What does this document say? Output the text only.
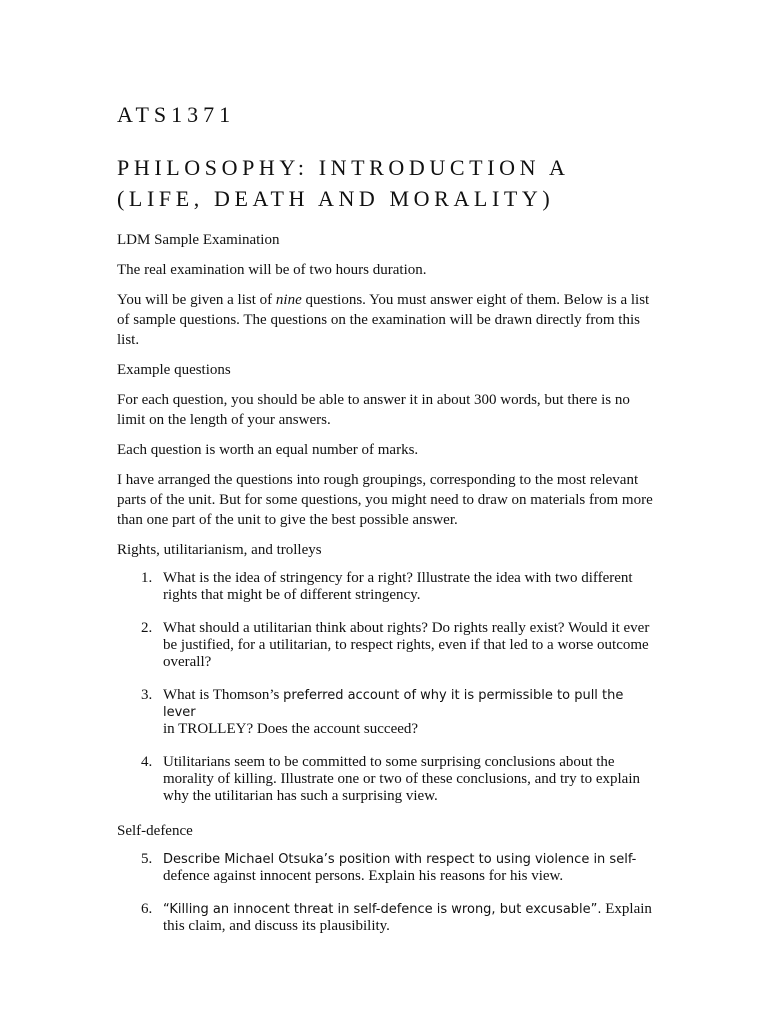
ATS1371
PHILOSOPHY: INTRODUCTION A
(LIFE, DEATH AND MORALITY)

LDM Sample Examination

The real examination will be of two hours duration.

You will be given a list of nine questions. You must answer eight of them. Below is a list of sample questions. The questions on the examination will be drawn directly from this list.

Example questions

For each question, you should be able to answer it in about 300 words, but there is no limit on the length of your answers.

Each question is worth an equal number of marks.

I have arranged the questions into rough groupings, corresponding to the most relevant parts of the unit. But for some questions, you might need to draw on materials from more than one part of the unit to give the best possible answer.

Rights, utilitarianism, and trolleys

1. What is the idea of stringency for a right? Illustrate the idea with two different rights that might be of different stringency.
2. What should a utilitarian think about rights? Do rights really exist? Would it ever be justified, for a utilitarian, to respect rights, even if that led to a worse outcome overall?
3. What is Thomson’s preferred account of why it is permissible to pull the lever
in TROLLEY? Does the account succeed?
4. Utilitarians seem to be committed to some surprising conclusions about the morality of killing. Illustrate one or two of these conclusions, and try to explain why the utilitarian has such a surprising view.

Self-defence

5. Describe Michael Otsuka’s position with respect to using violence in self-
defence against innocent persons. Explain his reasons for his view.
6. “Killing an innocent threat in self-defence is wrong, but excusable”. Explain
this claim, and discuss its plausibility.
